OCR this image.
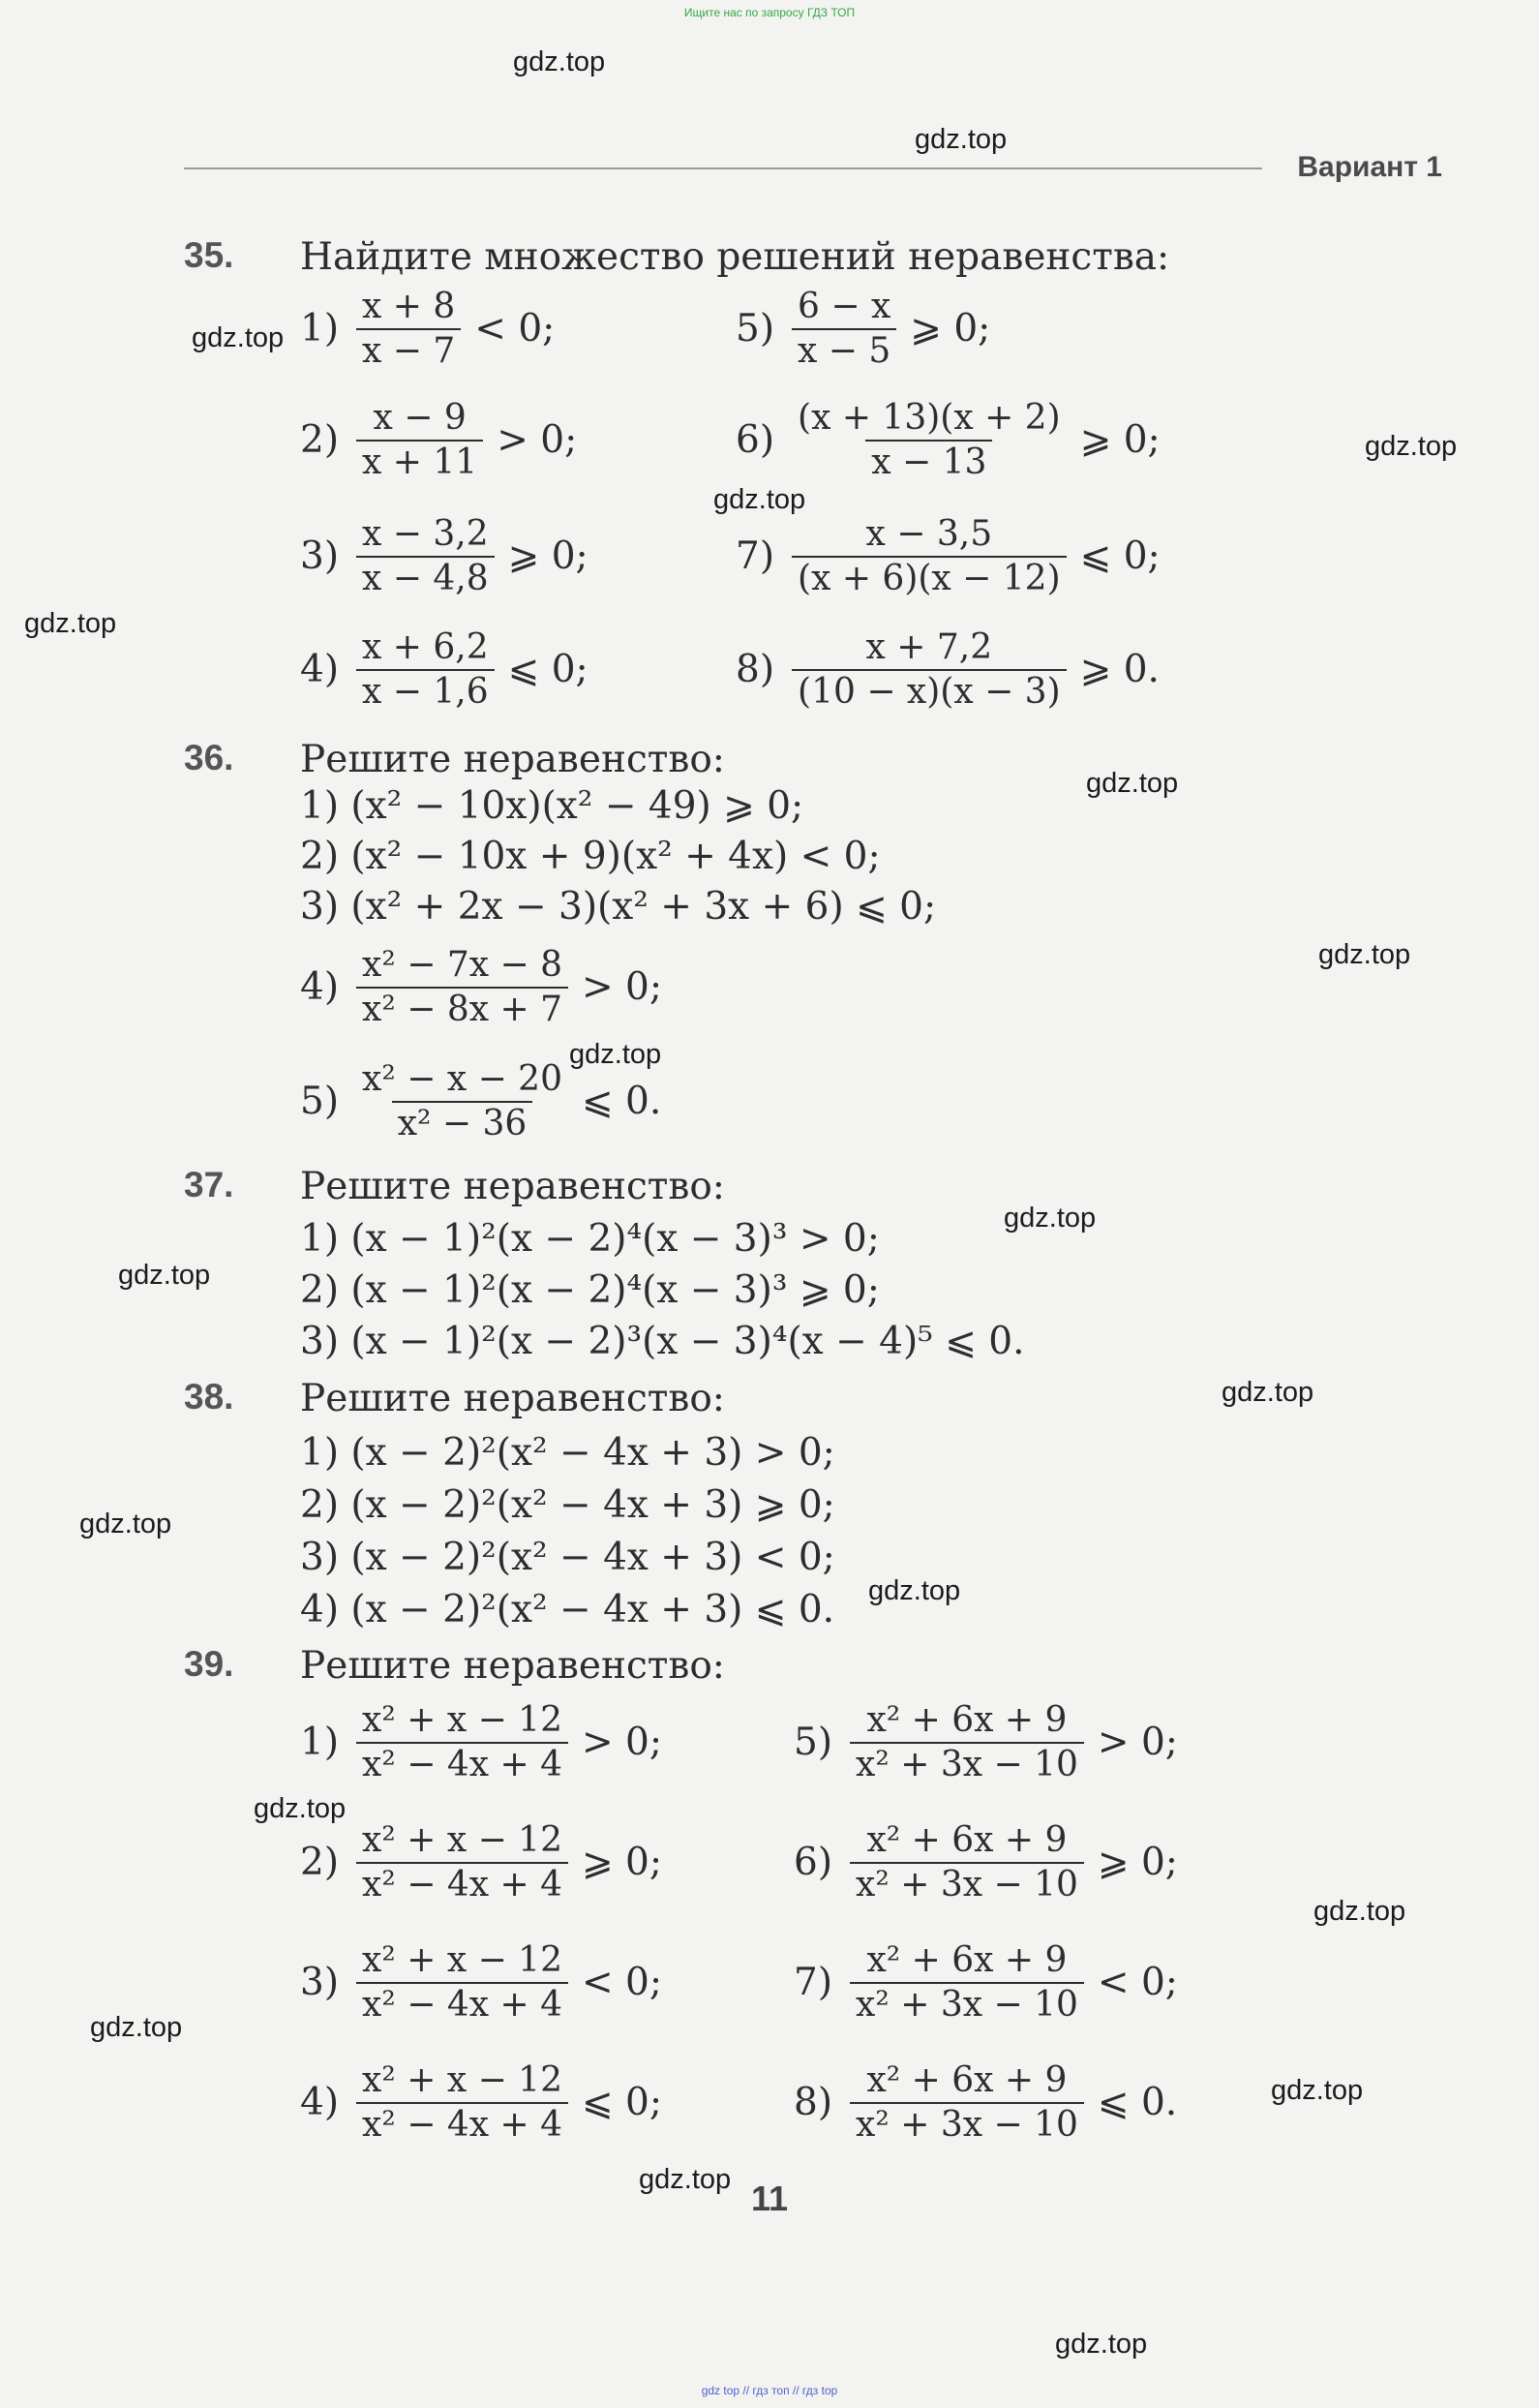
Ищите нас по запросу ГДЗ ТОП
Вариант 1
35. Найдите множество решений неравенства:
$1) \frac{x + 8}{x - 7} < 0$;	$5) \frac{6 - x}{x - 5}$ ⩾ 0;
$2) \frac{x - 9}{x + 11} > 0$;	$6) \frac{(x + 13)(x + 2)}{x - 13}$ ⩾ 0;
$3) \frac{x - 3,2}{x - 4,8}$ ⩾ 0;	$7) \frac{x - 3,5}{(x + 6)(x - 12)}$ ⩽ 0;
$4) \frac{x + 6,2}{x - 1,6}$ ⩽ 0;	$8) \frac{x + 7,2}{(10 - x)(x - 3)}$ ⩾ 0.
36. Решите неравенство:
1) (x² − 10x)(x² − 49) ⩾ 0;
2) (x² − 10x + 9)(x² + 4x) < 0;
3) (x² + 2x − 3)(x² + 3x + 6) ⩽ 0;
$4) \frac{\text{x² − 7x − 8}}{\text{x² − 8x + 7}} > 0$;
$5) \frac{\text{x² − x − 20}}{\text{x² − 36}}$ ⩽ 0.
37. Решите неравенство:
1) (x − 1)²(x − 2)⁴(x − 3)³ > 0;
2) (x − 1)²(x − 2)⁴(x − 3)³ ⩾ 0;
3) (x − 1)²(x − 2)³(x − 3)⁴(x − 4)⁵ ⩽ 0.
38. Решите неравенство:
1) (x − 2)²(x² − 4x + 3) > 0;
2) (x − 2)²(x² − 4x + 3) ⩾ 0;
3) (x − 2)²(x² − 4x + 3) < 0;
4) (x − 2)²(x² − 4x + 3) ⩽ 0.
39. Решите неравенство:
$1) \frac{\text{x² + x − 12}}{\text{x² − 4x + 4}} > 0$;	$5) \frac{\text{x² + 6x + 9}}{\text{x² + 3x − 10}} > 0$;
$2) \frac{\text{x² + x − 12}}{\text{x² − 4x + 4}}$ ⩾ 0;	$6) \frac{\text{x² + 6x + 9}}{\text{x² + 3x − 10}}$ ⩾ 0;
$3) \frac{\text{x² + x − 12}}{\text{x² − 4x + 4}} < 0$;	$7) \frac{\text{x² + 6x + 9}}{\text{x² + 3x − 10}} < 0$;
$4) \frac{\text{x² + x − 12}}{\text{x² − 4x + 4}}$ ⩽ 0;	$8) \frac{\text{x² + 6x + 9}}{\text{x² + 3x − 10}}$ ⩽ 0.
11
gdz.top
gdz.top
gdz.top
gdz.top
gdz.top
gdz.top
gdz.top
gdz.top
gdz.top
gdz.top
gdz.top
gdz.top
gdz.top
gdz.top
gdz.top
gdz.top
gdz.top
gdz.top
gdz.top
gdz.top
gdz top // гдз топ // гдз top
